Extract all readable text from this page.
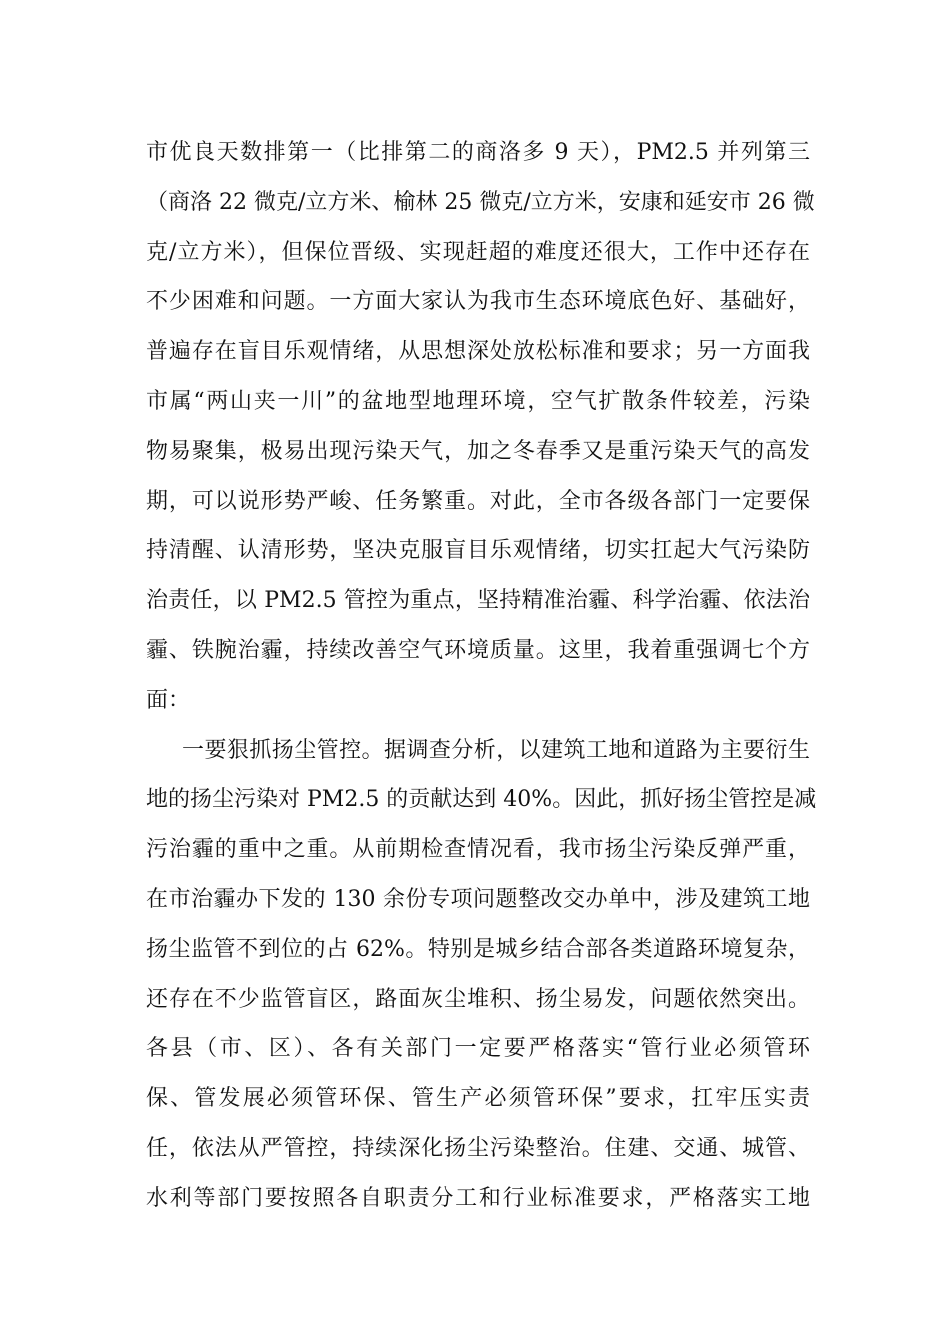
市优良天数排第一（比排第二的商洛多 9 天），PM2.5 并列第三
（商洛 22 微克/立方米、榆林 25 微克/立方米，安康和延安市 26 微
克/立方米），但保位晋级、实现赶超的难度还很大，工作中还存在
不少困难和问题。一方面大家认为我市生态环境底色好、基础好，
普遍存在盲目乐观情绪，从思想深处放松标准和要求；另一方面我
市属“两山夹一川”的盆地型地理环境，空气扩散条件较差，污染
物易聚集，极易出现污染天气，加之冬春季又是重污染天气的高发
期，可以说形势严峻、任务繁重。对此，全市各级各部门一定要保
持清醒、认清形势，坚决克服盲目乐观情绪，切实扛起大气污染防
治责任，以 PM2.5 管控为重点，坚持精准治霾、科学治霾、依法治
霾、铁腕治霾，持续改善空气环境质量。这里，我着重强调七个方
面：
一要狠抓扬尘管控。据调查分析，以建筑工地和道路为主要衍生
地的扬尘污染对 PM2.5 的贡献达到 40%。因此，抓好扬尘管控是减
污治霾的重中之重。从前期检查情况看，我市扬尘污染反弹严重，
在市治霾办下发的 130 余份专项问题整改交办单中，涉及建筑工地
扬尘监管不到位的占 62%。特别是城乡结合部各类道路环境复杂，
还存在不少监管盲区，路面灰尘堆积、扬尘易发，问题依然突出。
各县（市、区）、各有关部门一定要严格落实“管行业必须管环
保、管发展必须管环保、管生产必须管环保”要求，扛牢压实责
任，依法从严管控，持续深化扬尘污染整治。住建、交通、城管、
水利等部门要按照各自职责分工和行业标准要求，严格落实工地
